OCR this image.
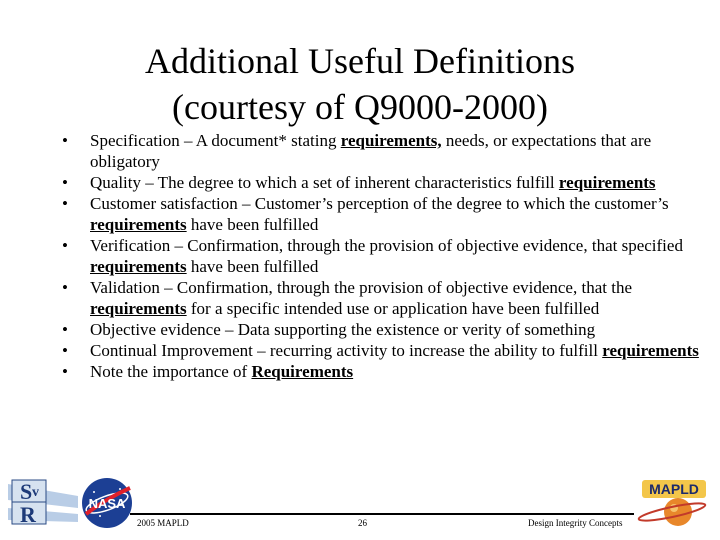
Additional Useful Definitions
(courtesy of Q9000-2000)
• Specification – A document* stating requirements, needs, or expectations that are obligatory
• Quality – The degree to which a set of inherent characteristics fulfill requirements
• Customer satisfaction – Customer’s perception of the degree to which the customer’s requirements have been fulfilled
• Verification – Confirmation, through the provision of objective evidence, that specified requirements have been fulfilled
• Validation – Confirmation, through the provision of objective evidence, that the requirements for a specific intended use or application have been fulfilled
• Objective evidence – Data supporting the existence or verity of something
• Continual Improvement – recurring activity to increase the ability to fulfill requirements
• Note the importance of Requirements
S v
R	NASA
MAPLD
2005 MAPLD	26	Design Integrity Concepts
